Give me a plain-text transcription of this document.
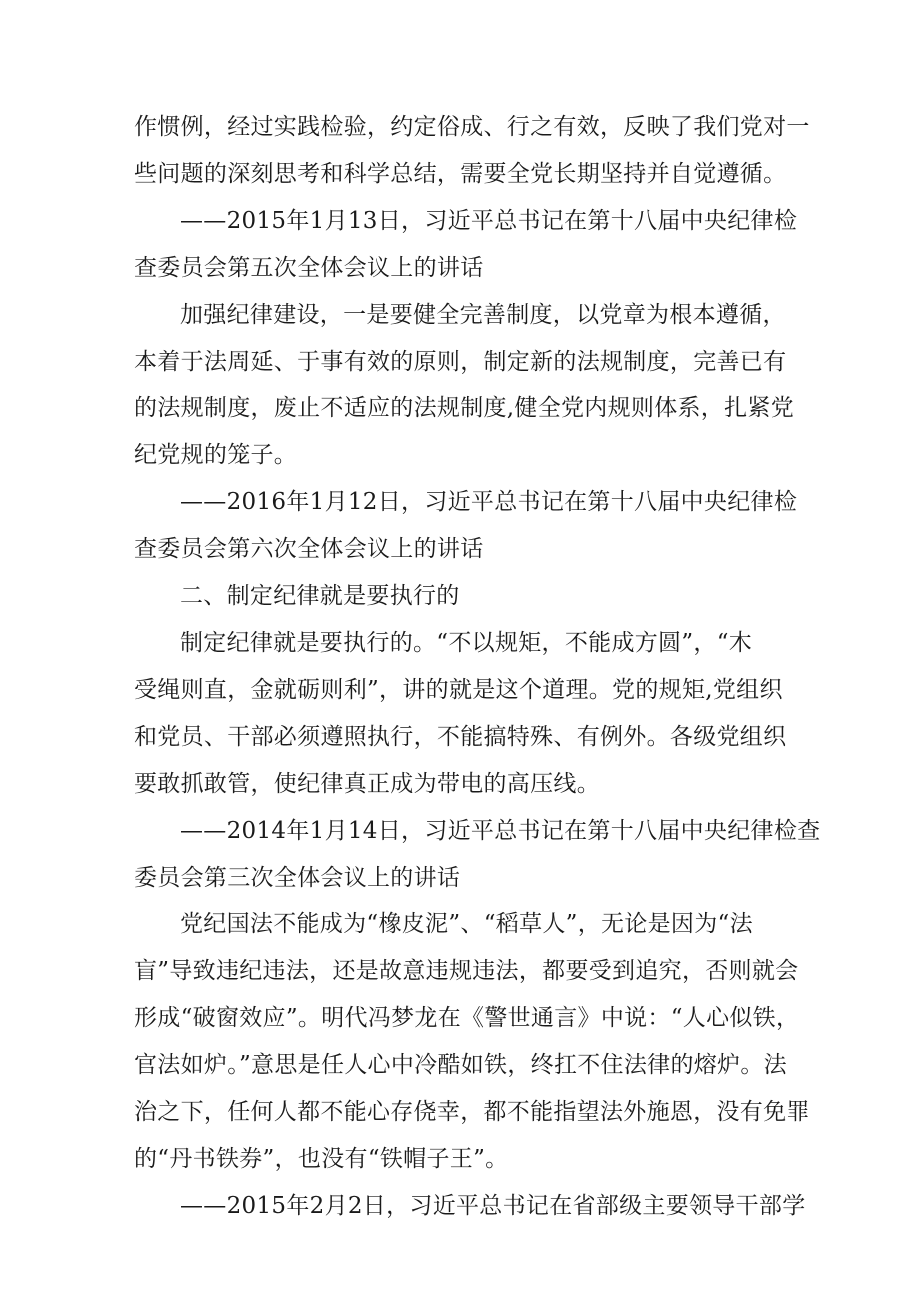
作惯例，经过实践检验，约定俗成、行之有效，反映了我们党对一
些问题的深刻思考和科学总结，需要全党长期坚持并自觉遵循。
——2015年1月13日，习近平总书记在第十八届中央纪律检
查委员会第五次全体会议上的讲话
加强纪律建设，一是要健全完善制度，以党章为根本遵循，
本着于法周延、于事有效的原则，制定新的法规制度，完善已有
的法规制度，废止不适应的法规制度,健全党内规则体系，扎紧党
纪党规的笼子。
——2016年1月12日，习近平总书记在第十八届中央纪律检
查委员会第六次全体会议上的讲话
二、制定纪律就是要执行的
制定纪律就是要执行的。“不以规矩，不能成方圆”，“木
受绳则直，金就砺则利”，讲的就是这个道理。党的规矩,党组织
和党员、干部必须遵照执行，不能搞特殊、有例外。各级党组织
要敢抓敢管，使纪律真正成为带电的高压线。
——2014年1月14日，习近平总书记在第十八届中央纪律检查
委员会第三次全体会议上的讲话
党纪国法不能成为“橡皮泥”、“稻草人”，无论是因为“法
盲”导致违纪违法，还是故意违规违法，都要受到追究，否则就会
形成“破窗效应”。明代冯梦龙在《警世通言》中说：“人心似铁，
官法如炉。”意思是任人心中冷酷如铁，终扛不住法律的熔炉。法
治之下，任何人都不能心存侥幸，都不能指望法外施恩，没有免罪
的“丹书铁券”，也没有“铁帽子王”。
——2015年2月2日，习近平总书记在省部级主要领导干部学
